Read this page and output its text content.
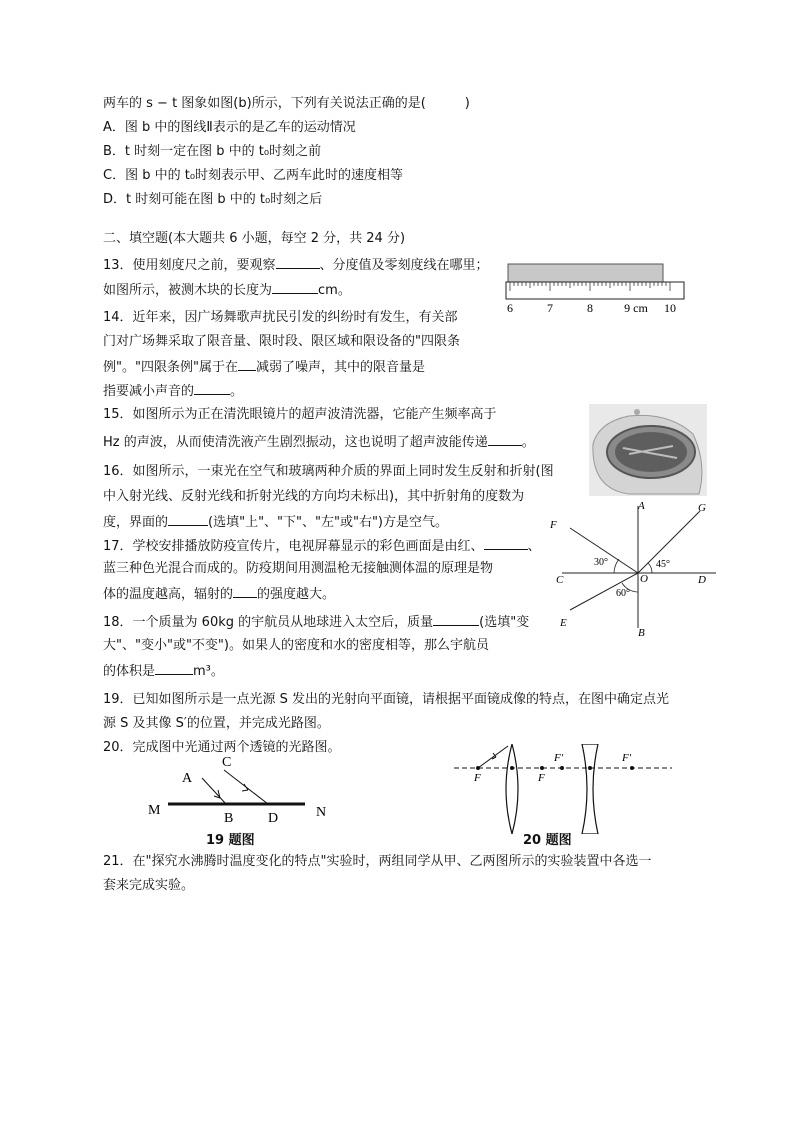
两车的 s − t 图象如图(b)所示，下列有关说法正确的是(　　　)
A．图 b 中的图线Ⅱ表示的是乙车的运动情况
B．t 时刻一定在图 b 中的 t₀时刻之前
C．图 b 中的 t₀时刻表示甲、乙两车此时的速度相等
D．t 时刻可能在图 b 中的 t₀时刻之后
二、填空题(本大题共 6 小题，每空 2 分，共 24 分)
13．使用刻度尺之前，要观察	、分度值及零刻度线在哪里；
如图所示，被测木块的长度为	cm。
6	7	8	9 cm 10
14．近年来，因广场舞歌声扰民引发的纠纷时有发生，有关部
门对广场舞采取了限音量、限时段、限区域和限设备的"四限条
例"。"四限条例"属于在 减弱了噪声，其中的限音量是
指要减小声音的	。
15．如图所示为正在清洗眼镜片的超声波清洗器，它能产生频率高于
Hz 的声波，从而使清洗液产生剧烈振动，这也说明了超声波能传递	。
16．如图所示，一束光在空气和玻璃两种介质的界面上同时发生反射和折射(图
中入射光线、反射光线和折射光线的方向均未标出)，其中折射角的度数为
度，界面的	(选填"上"、"下"、"左"或"右")方是空气。
A
B
C	D
E
F
G
O
30°	45°
60°
17．学校安排播放防疫宣传片，电视屏幕显示的彩色画面是由红、	、
蓝三种色光混合而成的。防疫期间用测温枪无接触测体温的原理是物
体的温度越高，辐射的 的强度越大。
18．一个质量为 60kg 的宇航员从地球进入太空后，质量	(选填"变
大"、"变小"或"不变")。如果人的密度和水的密度相等，那么宇航员
的体积是	m³。
19．已知如图所示是一点光源 S 发出的光射向平面镜，请根据平面镜成像的特点，在图中确定点光
源 S 及其像 S′的位置，并完成光路图。
20．完成图中光通过两个透镜的光路图。
M	N
A
B
C
D
19 题图
F	F
F′	F′
20 题图
21．在"探究水沸腾时温度变化的特点"实验时，两组同学从甲、乙两图所示的实验装置中各选一
套来完成实验。
